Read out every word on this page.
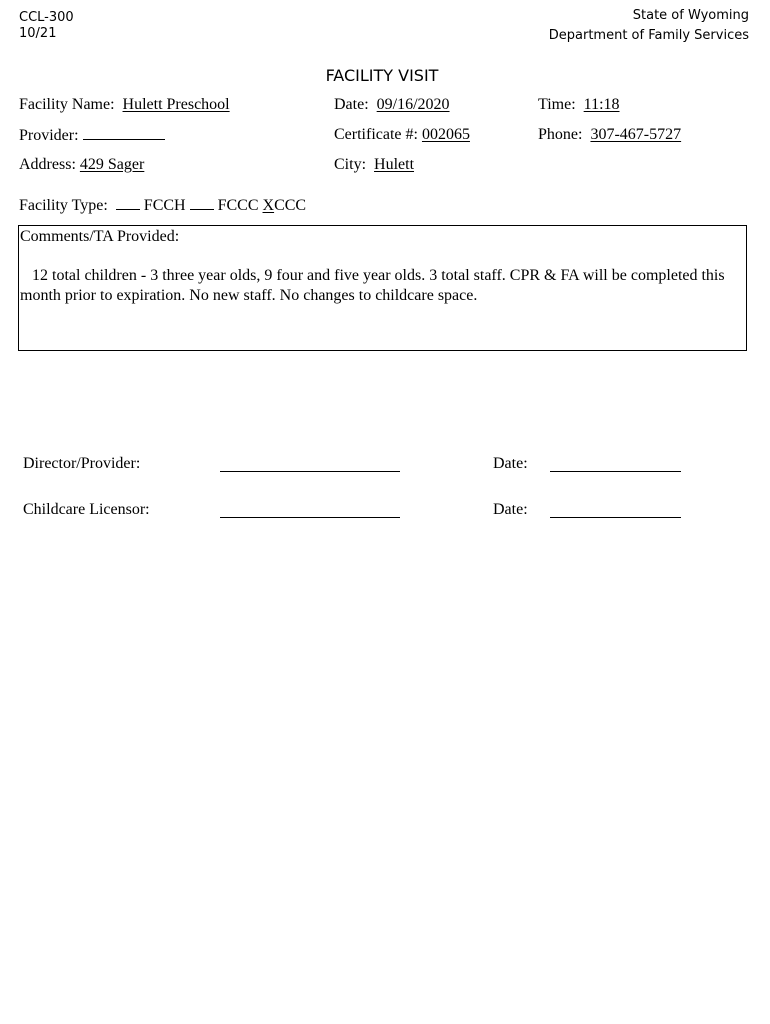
CCL-300
10/21
State of Wyoming
Department of Family Services
FACILITY VISIT
Facility Name: Hulett Preschool	Date: 09/16/2020	Time: 11:18
Provider:	Certificate #: 002065	Phone: 307-467-5727
Address: 429 Sager	City: Hulett
Facility Type: FCCH FCCC XCCC
Comments/TA Provided:
12 total children - 3 three year olds, 9 four and five year olds. 3 total staff. CPR & FA will be completed this month prior to expiration. No new staff. No changes to childcare space.
Director/Provider:	Date:
Childcare Licensor:	Date:
